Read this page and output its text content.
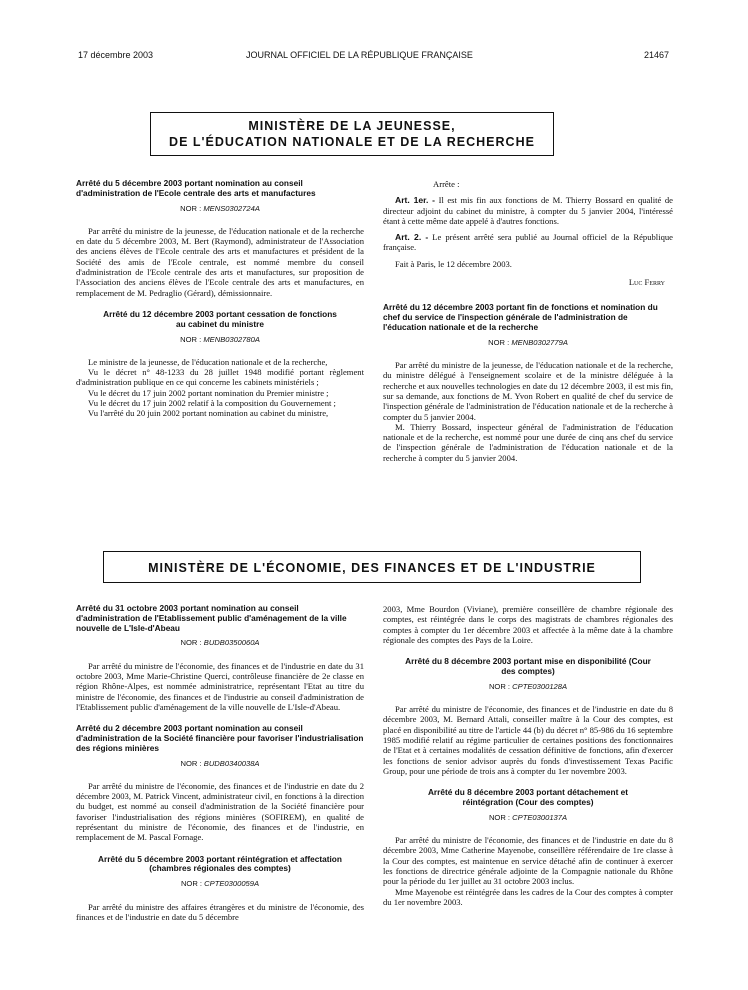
17 décembre 2003	JOURNAL OFFICIEL DE LA RÉPUBLIQUE FRANÇAISE	21467
MINISTÈRE DE LA JEUNESSE,
DE L'ÉDUCATION NATIONALE ET DE LA RECHERCHE
Arrêté du 5 décembre 2003 portant nomination au conseil d'administration de l'Ecole centrale des arts et manufactures
NOR : MENS0302724A

Par arrêté du ministre de la jeunesse, de l'éducation nationale et de la recherche en date du 5 décembre 2003, M. Bert (Raymond), administrateur de l'Association des anciens élèves de l'Ecole centrale des arts et manufactures et président de la Société des amis de l'Ecole centrale, est nommé membre du conseil d'administration de l'Ecole centrale des arts et manufactures, sur proposition de l'Association des anciens élèves de l'Ecole centrale des arts et manufactures, en remplacement de M. Pedraglio (Gérard), démissionnaire.

Arrêté du 12 décembre 2003 portant cessation de fonctions au cabinet du ministre
NOR : MENB0302780A

Le ministre de la jeunesse, de l'éducation nationale et de la recherche,

Vu le décret n° 48-1233 du 28 juillet 1948 modifié portant règlement d'administration publique en ce qui concerne les cabinets ministériels ;

Vu le décret du 17 juin 2002 portant nomination du Premier ministre ;

Vu le décret du 17 juin 2002 relatif à la composition du Gouvernement ;

Vu l'arrêté du 20 juin 2002 portant nomination au cabinet du ministre,

Arrête :

Art. 1er. - Il est mis fin aux fonctions de M. Thierry Bossard en qualité de directeur adjoint du cabinet du ministre, à compter du 5 janvier 2004, l'intéressé étant à cette même date appelé à d'autres fonctions.

Art. 2. - Le présent arrêté sera publié au Journal officiel de la République française.

Fait à Paris, le 12 décembre 2003.

Luc Ferry
Arrêté du 12 décembre 2003 portant fin de fonctions et nomination du chef du service de l'inspection générale de l'administration de l'éducation nationale et de la recherche
NOR : MENB0302779A

Par arrêté du ministre de la jeunesse, de l'éducation nationale et de la recherche, du ministre délégué à l'enseignement scolaire et de la ministre déléguée à la recherche et aux nouvelles technologies en date du 12 décembre 2003, il est mis fin, sur sa demande, aux fonctions de M. Yvon Robert en qualité de chef du service de l'inspection générale de l'administration de l'éducation nationale et de la recherche à compter du 5 janvier 2004.

M. Thierry Bossard, inspecteur général de l'administration de l'éducation nationale et de la recherche, est nommé pour une durée de cinq ans chef du service de l'inspection générale de l'administration de l'éducation nationale et de la recherche à compter du 5 janvier 2004.

MINISTÈRE DE L'ÉCONOMIE, DES FINANCES ET DE L'INDUSTRIE
Arrêté du 31 octobre 2003 portant nomination au conseil d'administration de l'Etablissement public d'aménagement de la ville nouvelle de L'Isle-d'Abeau
NOR : BUDB0350060A

Par arrêté du ministre de l'économie, des finances et de l'industrie en date du 31 octobre 2003, Mme Marie-Christine Querci, contrôleuse financière de 2e classe en région Rhône-Alpes, est nommée administratrice, représentant l'Etat au titre du ministre de l'économie, des finances et de l'industrie au conseil d'administration de l'Etablissement public d'aménagement de la ville nouvelle de L'Isle-d'Abeau.

Arrêté du 2 décembre 2003 portant nomination au conseil d'administration de la Société financière pour favoriser l'industrialisation des régions minières
NOR : BUDB0340038A

Par arrêté du ministre de l'économie, des finances et de l'industrie en date du 2 décembre 2003, M. Patrick Vincent, administrateur civil, en fonctions à la direction du budget, est nommé au conseil d'administration de la Société financière pour favoriser l'industrialisation des régions minières (SOFIREM), en qualité de représentant du ministre de l'économie, des finances et de l'industrie, en remplacement de M. Pascal Fornage.

Arrêté du 5 décembre 2003 portant réintégration et affectation (chambres régionales des comptes)
NOR : CPTE0300059A

Par arrêté du ministre des affaires étrangères et du ministre de l'économie, des finances et de l'industrie en date du 5 décembre

2003, Mme Bourdon (Viviane), première conseillère de chambre régionale des comptes, est réintégrée dans le corps des magistrats de chambres régionales des comptes à compter du 1er décembre 2003 et affectée à la même date à la chambre régionale des comptes des Pays de la Loire.

Arrêté du 8 décembre 2003 portant mise en disponibilité (Cour des comptes)
NOR : CPTE0300128A

Par arrêté du ministre de l'économie, des finances et de l'industrie en date du 8 décembre 2003, M. Bernard Attali, conseiller maître à la Cour des comptes, est placé en disponibilité au titre de l'article 44 (b) du décret n° 85-986 du 16 septembre 1985 modifié relatif au régime particulier de certaines positions des fonctionnaires de l'Etat et à certaines modalités de cessation définitive de fonctions, afin d'exercer les fonctions de senior advisor auprès du fonds d'investissement Texas Pacific Group, pour une période de trois ans à compter du 1er novembre 2003.

Arrêté du 8 décembre 2003 portant détachement et réintégration (Cour des comptes)
NOR : CPTE0300137A

Par arrêté du ministre de l'économie, des finances et de l'industrie en date du 8 décembre 2003, Mme Catherine Mayenobe, conseillère référendaire de 1re classe à la Cour des comptes, est maintenue en service détaché afin de continuer à exercer les fonctions de directrice générale adjointe de la Compagnie nationale du Rhône pour la période du 1er juillet au 31 octobre 2003 inclus.

Mme Mayenobe est réintégrée dans les cadres de la Cour des comptes à compter du 1er novembre 2003.
